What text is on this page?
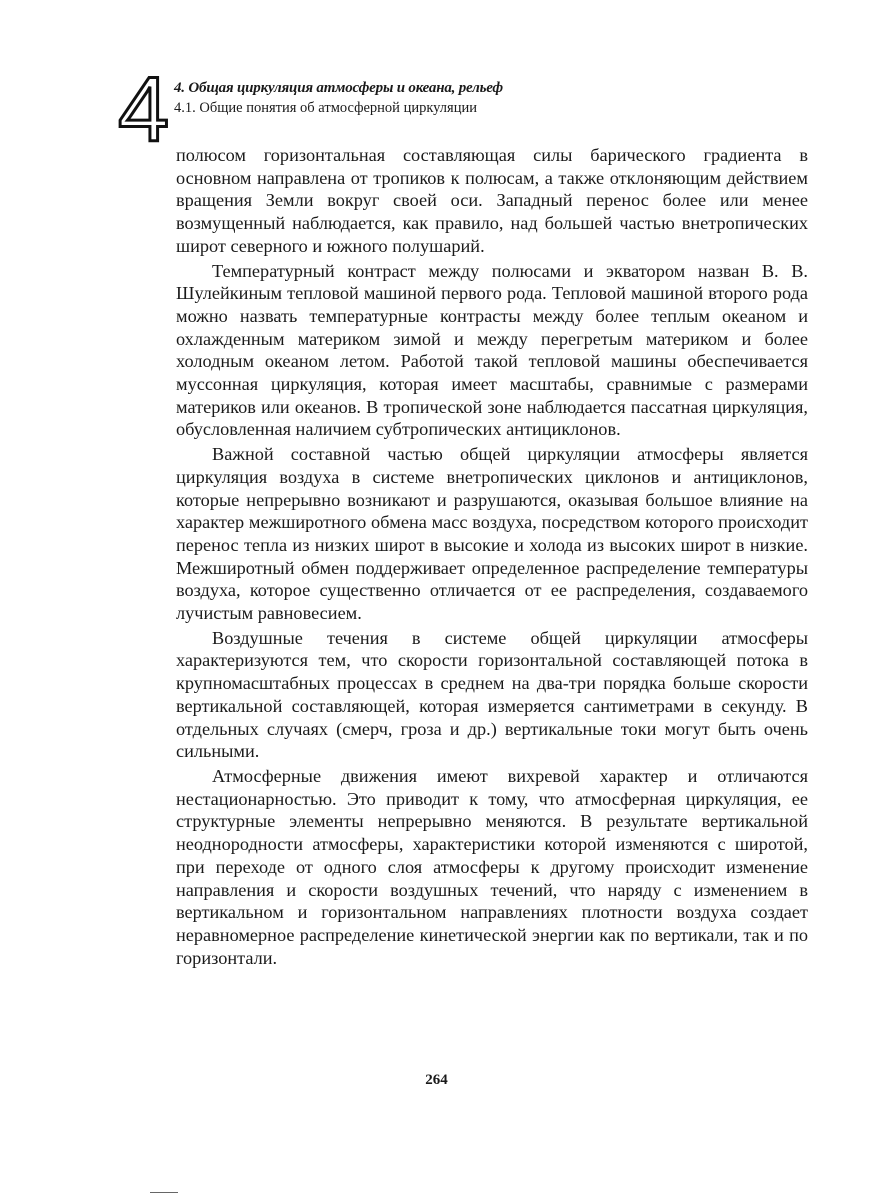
4 4. Общая циркуляция атмосферы и океана, рельеф
4.1. Общие понятия об атмосферной циркуляции

полюсом горизонтальная составляющая силы барического градиента в основном направлена от тропиков к полюсам, а также отклоняющим действием вращения Земли вокруг своей оси. Западный перенос более или менее возмущенный наблюдается, как правило, над большей частью внетропических широт северного и южного полушарий.

Температурный контраст между полюсами и экватором назван В. В. Шулейкиным тепловой машиной первого рода. Тепловой машиной второго рода можно назвать температурные контрасты между более теплым океаном и охлажденным материком зимой и между перегретым материком и более холодным океаном летом. Работой такой тепловой машины обеспечивается муссонная циркуляция, которая имеет масштабы, сравнимые с размерами материков или океанов. В тропической зоне наблюдается пассатная циркуляция, обусловленная наличием субтропических антициклонов.

Важной составной частью общей циркуляции атмосферы является циркуляция воздуха в системе внетропических циклонов и антициклонов, которые непрерывно возникают и разрушаются, оказывая большое влияние на характер межширотного обмена масс воздуха, посредством которого происходит перенос тепла из низких широт в высокие и холода из высоких широт в низкие. Межширотный обмен поддерживает определенное распределение температуры воздуха, которое существенно отличается от ее распределения, создаваемого лучистым равновесием.

Воздушные течения в системе общей циркуляции атмосферы характеризуются тем, что скорости горизонтальной составляющей потока в крупномасштабных процессах в среднем на два-три порядка больше скорости вертикальной составляющей, которая измеряется сантиметрами в секунду. В отдельных случаях (смерч, гроза и др.) вертикальные токи могут быть очень сильными.

Атмосферные движения имеют вихревой характер и отличаются нестационарностью. Это приводит к тому, что атмосферная циркуляция, ее структурные элементы непрерывно меняются. В результате вертикальной неоднородности атмосферы, характеристики которой изменяются с широтой, при переходе от одного слоя атмосферы к другому происходит изменение направления и скорости воздушных течений, что наряду с изменением в вертикальном и горизонтальном направлениях плотности воздуха создает неравномерное распределение кинетической энергии как по вертикали, так и по горизонтали.

264
